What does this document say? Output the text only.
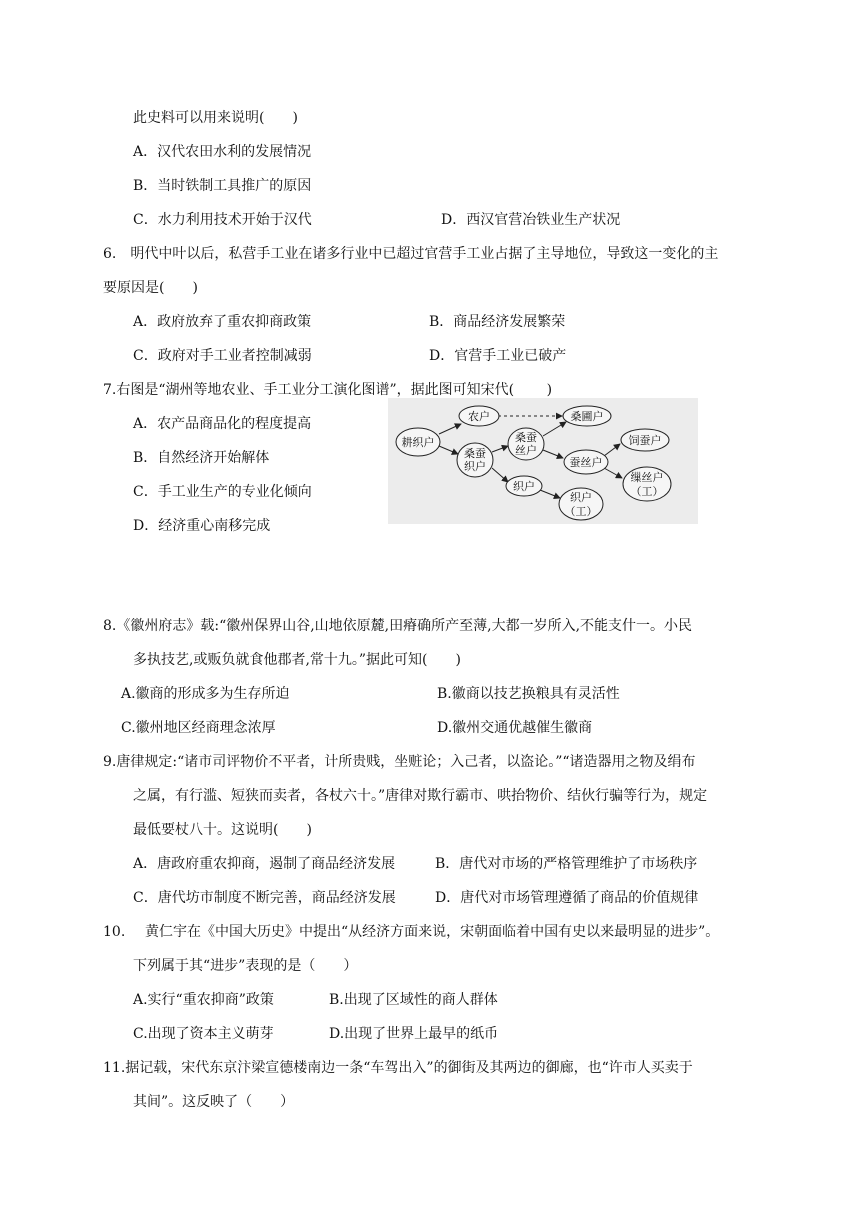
此史料可以用来说明(　　)
A．汉代农田水利的发展情况
B．当时铁制工具推广的原因
C．水力利用技术开始于汉代	D．西汉官营冶铁业生产状况
6.　明代中叶以后，私营手工业在诸多行业中已超过官营手工业占据了主导地位，导致这一变化的主
要原因是(　　)
A．政府放弃了重农抑商政策	B．商品经济发展繁荣
C．政府对手工业者控制减弱	D．官营手工业已破产
7.右图是“湖州等地农业、手工业分工演化图谱”，据此图可知宋代(　　 )
A．农产品商品化的程度提高
B．自然经济开始解体
C．手工业生产的专业化倾向
D．经济重心南移完成
耕织户
农户	桑圃户
桑蚕
织户
桑蚕
丝户
蚕丝户
饲蚕户
缫丝户
（工）
织户
织户
（工）
8.《徽州府志》载:“徽州保界山谷,山地依原麓,田瘠确所产至薄,大都一岁所入,不能支什一。小民
多执技艺,或贩负就食他郡者,常十九。”据此可知(　　)
A.徽商的形成多为生存所迫	B.徽商以技艺换粮具有灵活性
C.徽州地区经商理念浓厚	D.徽州交通优越催生徽商
9.唐律规定:“诸市司评物价不平者，计所贵贱，坐赃论；入己者，以盗论。”“诸造器用之物及绢布
之属，有行滥、短狭而卖者，各杖六十。”唐律对欺行霸市、哄抬物价、结伙行骗等行为，规定
最低要杖八十。这说明(　　)
A．唐政府重农抑商，遏制了商品经济发展	B．唐代对市场的严格管理维护了市场秩序
C．唐代坊市制度不断完善，商品经济发展	D．唐代对市场管理遵循了商品的价值规律
10. 黄仁宇在《中国大历史》中提出“从经济方面来说，宋朝面临着中国有史以来最明显的进步”。
下列属于其“进步”表现的是（　　）
A.实行“重农抑商”政策	B.出现了区域性的商人群体
C.出现了资本主义萌芽	D.出现了世界上最早的纸币
11.据记载，宋代东京汴梁宣德楼南边一条“车驾出入”的御街及其两边的御廊，也“许市人买卖于
其间”。这反映了（　　）
